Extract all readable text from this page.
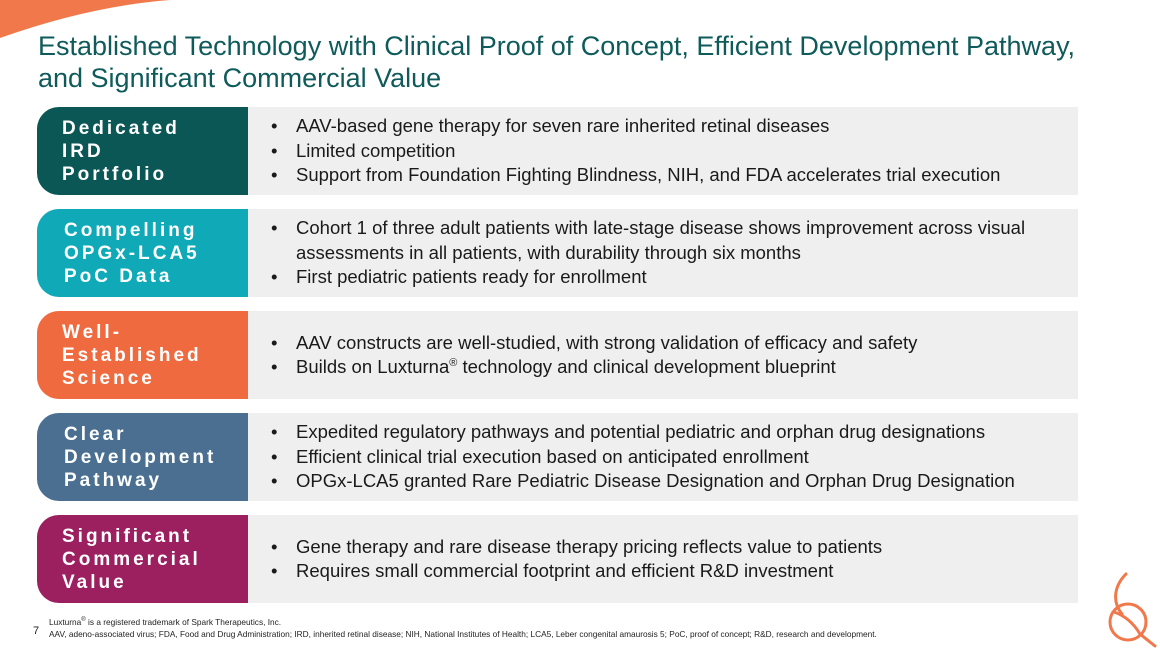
Established Technology with Clinical Proof of Concept, Efficient Development Pathway, and Significant Commercial Value
Dedicated
IRD
Portfolio
• AAV-based gene therapy for seven rare inherited retinal diseases
• Limited competition
• Support from Foundation Fighting Blindness, NIH, and FDA accelerates trial execution
Compelling
OPGx-LCA5
PoC Data
• Cohort 1 of three adult patients with late-stage disease shows improvement across visual assessments in all patients, with durability through six months
• First pediatric patients ready for enrollment
Well-
Established
Science
• AAV constructs are well-studied, with strong validation of efficacy and safety
• Builds on Luxturna® technology and clinical development blueprint
Clear
Development
Pathway
• Expedited regulatory pathways and potential pediatric and orphan drug designations
• Efficient clinical trial execution based on anticipated enrollment
• OPGx-LCA5 granted Rare Pediatric Disease Designation and Orphan Drug Designation
Significant
Commercial
Value
• Gene therapy and rare disease therapy pricing reflects value to patients
• Requires small commercial footprint and efficient R&D investment
7
Luxturna® is a registered trademark of Spark Therapeutics, Inc.
AAV, adeno-associated virus; FDA, Food and Drug Administration; IRD, inherited retinal disease; NIH, National Institutes of Health; LCA5, Leber congenital amaurosis 5; PoC, proof of concept; R&D, research and development.
